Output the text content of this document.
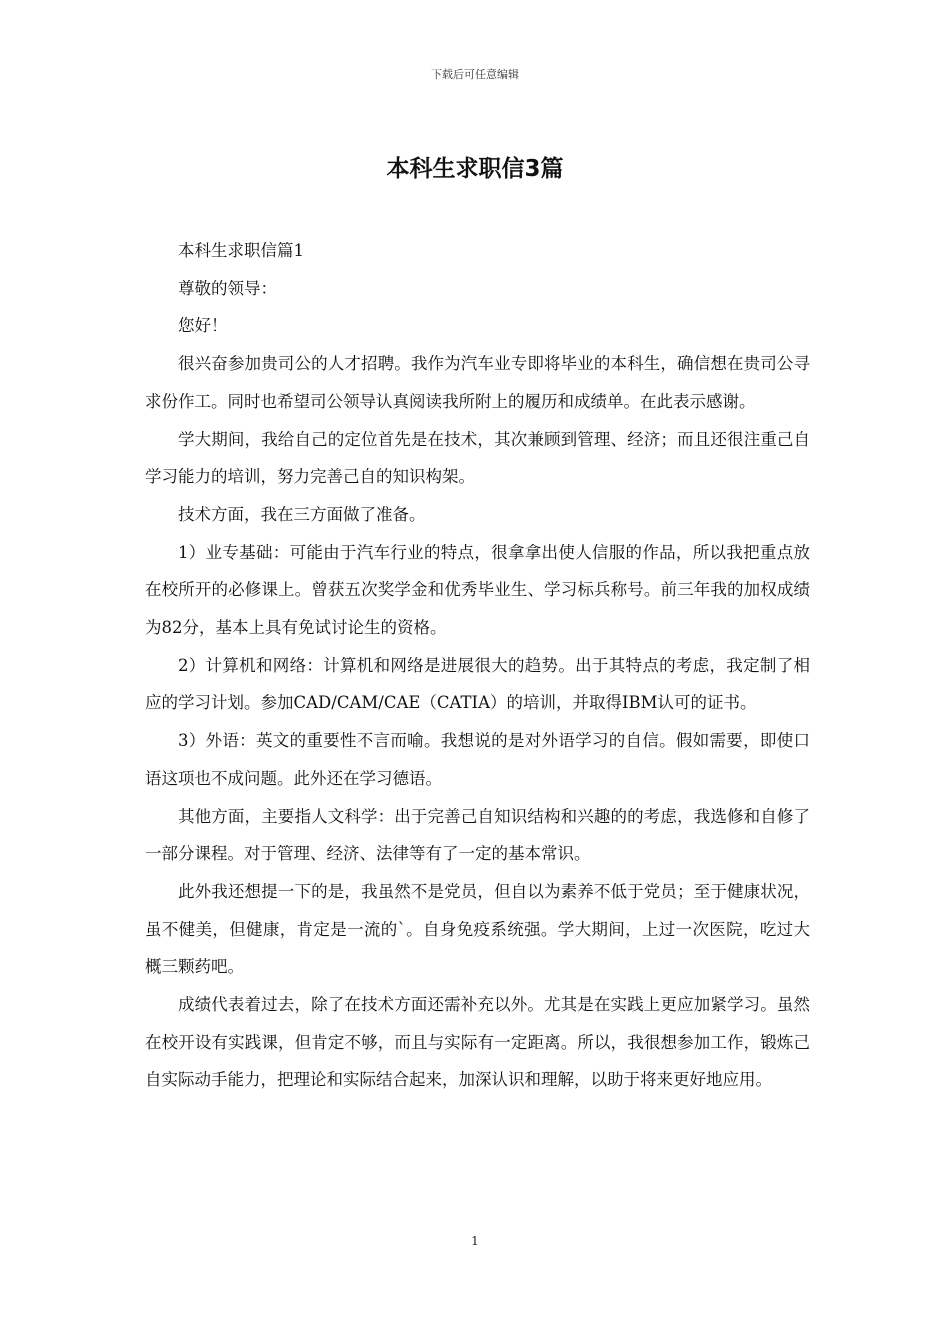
下载后可任意编辑
本科生求职信3篇

本科生求职信篇1

尊敬的领导：

您好！

很兴奋参加贵司公的人才招聘。我作为汽车业专即将毕业的本科生，确信想在贵司公寻求份作工。同时也希望司公领导认真阅读我所附上的履历和成绩单。在此表示感谢。

学大期间，我给自己的定位首先是在技术，其次兼顾到管理、经济；而且还很注重己自学习能力的培训，努力完善己自的知识构架。

技术方面，我在三方面做了准备。

1）业专基础：可能由于汽车行业的特点，很拿拿出使人信服的作品，所以我把重点放在校所开的必修课上。曾获五次奖学金和优秀毕业生、学习标兵称号。前三年我的加权成绩为82分，基本上具有免试讨论生的资格。

2）计算机和网络：计算机和网络是进展很大的趋势。出于其特点的考虑，我定制了相应的学习计划。参加CAD/CAM/CAE（CATIA）的培训，并取得IBM认可的证书。

3）外语：英文的重要性不言而喻。我想说的是对外语学习的自信。假如需要，即使口语这项也不成问题。此外还在学习德语。

其他方面，主要指人文科学：出于完善己自知识结构和兴趣的的考虑，我选修和自修了一部分课程。对于管理、经济、法律等有了一定的基本常识。

此外我还想提一下的是，我虽然不是党员，但自以为素养不低于党员；至于健康状况，虽不健美，但健康，肯定是一流的`。自身免疫系统强。学大期间，上过一次医院，吃过大概三颗药吧。

成绩代表着过去，除了在技术方面还需补充以外。尤其是在实践上更应加紧学习。虽然在校开设有实践课，但肯定不够，而且与实际有一定距离。所以，我很想参加工作，锻炼己自实际动手能力，把理论和实际结合起来，加深认识和理解，以助于将来更好地应用。

1
